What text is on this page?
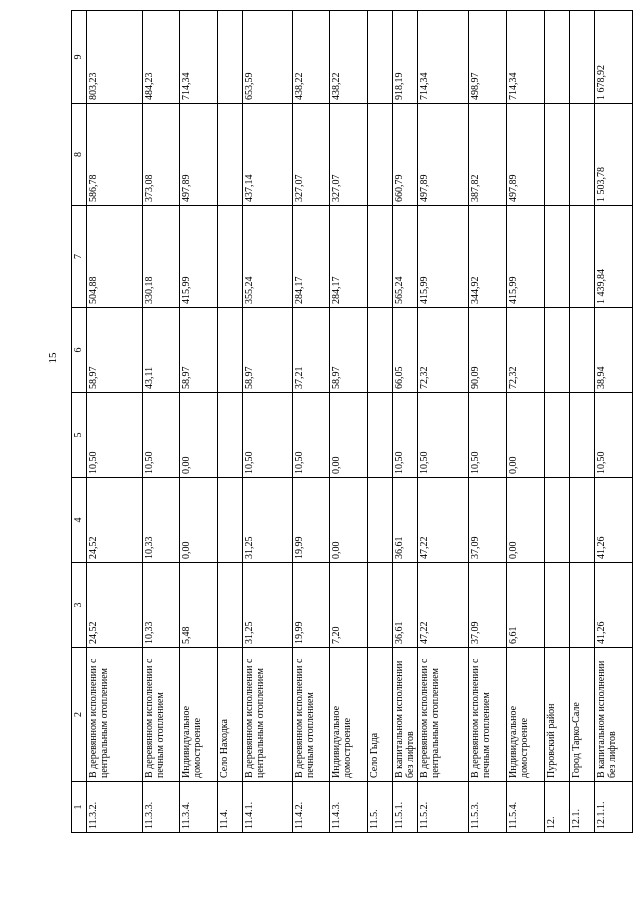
15
1	2	3	4	5	6	7	8	9
11.3.2.	В деревянном исполнении с центральным отоплением	24,52	24,52	10,50	58,97	504,88	586,78	803,23
11.3.3.	В деревянном исполнении с печным отоплением	10,33	10,33	10,50	43,11	330,18	373,08	484,23
11.3.4.	Индивидуальное домостроение	5,48	0,00	0,00	58,97	415,99	497,89	714,34
11.4.	Село Находка							
11.4.1.	В деревянном исполнении с центральным отоплением	31,25	31,25	10,50	58,97	355,24	437,14	653,59
11.4.2.	В деревянном исполнении с печным отоплением	19,99	19,99	10,50	37,21	284,17	327,07	438,22
11.4.3.	Индивидуальное домостроение	7,20	0,00	0,00	58,97	284,17	327,07	438,22
11.5.	Село Гыда							
11.5.1.	В капитальном исполнении без лифтов	36,61	36,61	10,50	66,05	565,24	660,79	918,19
11.5.2.	В деревянном исполнении с центральным отоплением	47,22	47,22	10,50	72,32	415,99	497,89	714,34
11.5.3.	В деревянном исполнении с печным отоплением	37,09	37,09	10,50	90,09	344,92	387,82	498,97
11.5.4.	Индивидуальное домостроение	6,61	0,00	0,00	72,32	415,99	497,89	714,34
12.	Пуровский район							
12.1.	Город Тарко-Сале							
12.1.1.	В капитальном исполнении без лифтов	41,26	41,26	10,50	38,94	1 439,84	1 503,78	1 678,92
